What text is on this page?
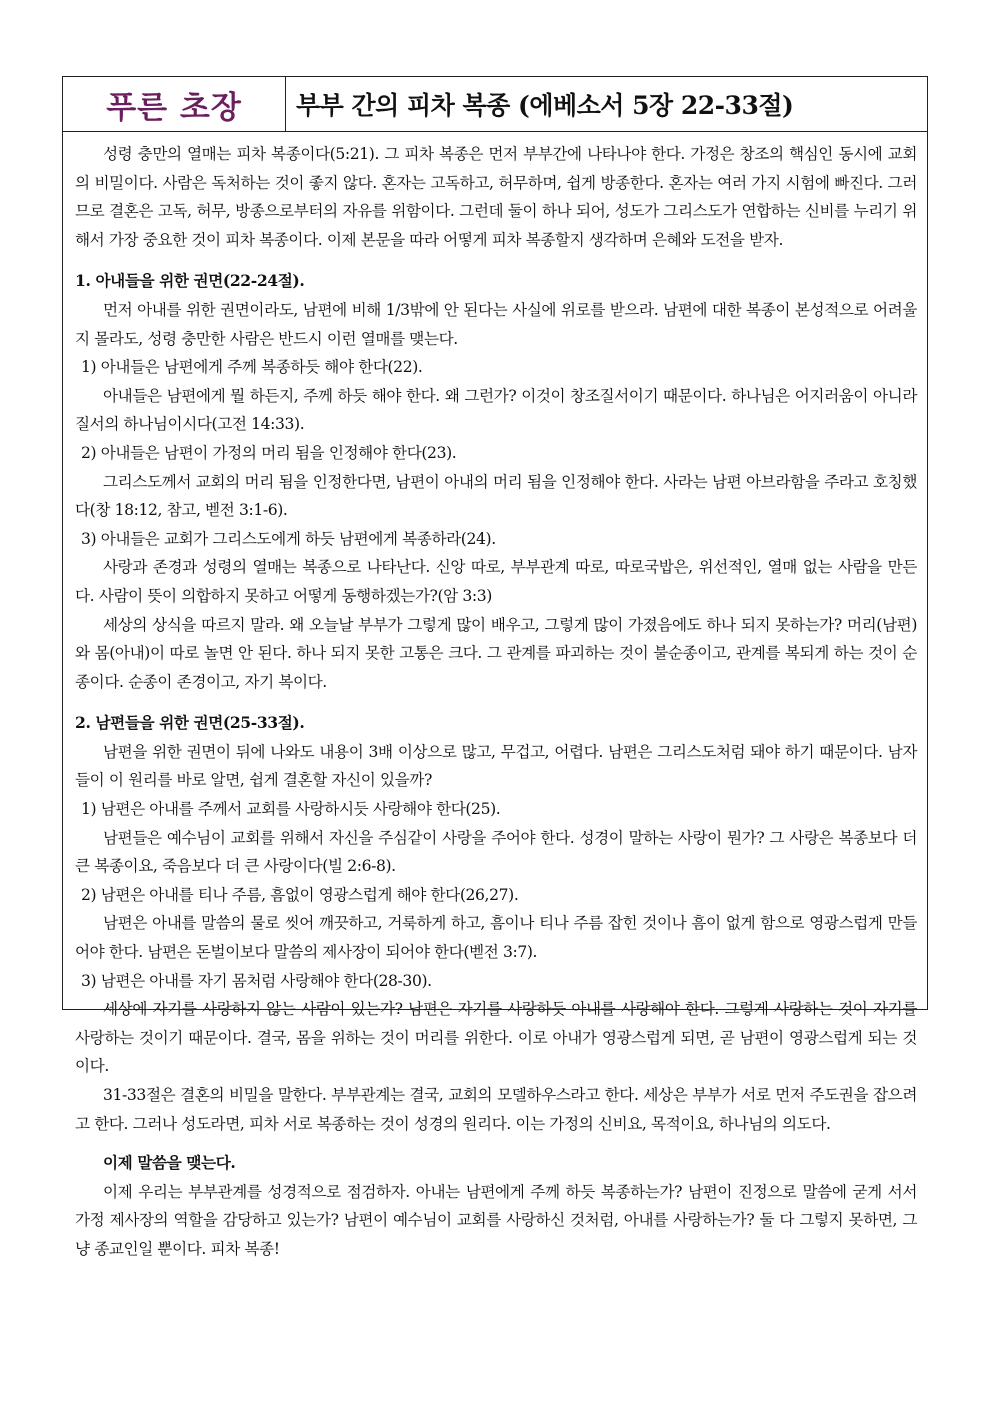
푸른 초장	부부 간의 피차 복종 (에베소서 5장 22-33절)

성령 충만의 열매는 피차 복종이다(5:21). 그 피차 복종은 먼저 부부간에 나타나야 한다. 가정은 창조의 핵심인 동시에 교회의 비밀이다. 사람은 독처하는 것이 좋지 않다. 혼자는 고독하고, 허무하며, 쉽게 방종한다. 혼자는 여러 가지 시험에 빠진다. 그러므로 결혼은 고독, 허무, 방종으로부터의 자유를 위함이다. 그런데 둘이 하나 되어, 성도가 그리스도가 연합하는 신비를 누리기 위해서 가장 중요한 것이 피차 복종이다. 이제 본문을 따라 어떻게 피차 복종할지 생각하며 은혜와 도전을 받자.

1. 아내들을 위한 권면(22-24절).

먼저 아내를 위한 권면이라도, 남편에 비해 1/3밖에 안 된다는 사실에 위로를 받으라. 남편에 대한 복종이 본성적으로 어려울지 몰라도, 성령 충만한 사람은 반드시 이런 열매를 맺는다.

1) 아내들은 남편에게 주께 복종하듯 해야 한다(22).

아내들은 남편에게 뭘 하든지, 주께 하듯 해야 한다. 왜 그런가? 이것이 창조질서이기 때문이다. 하나님은 어지러움이 아니라 질서의 하나님이시다(고전 14:33).

2) 아내들은 남편이 가정의 머리 됨을 인정해야 한다(23).

그리스도께서 교회의 머리 됨을 인정한다면, 남편이 아내의 머리 됨을 인정해야 한다. 사라는 남편 아브라함을 주라고 호칭했다(창 18:12, 참고, 벧전 3:1-6).

3) 아내들은 교회가 그리스도에게 하듯 남편에게 복종하라(24).

사랑과 존경과 성령의 열매는 복종으로 나타난다. 신앙 따로, 부부관계 따로, 따로국밥은, 위선적인, 열매 없는 사람을 만든다. 사람이 뜻이 의합하지 못하고 어떻게 동행하겠는가?(암 3:3)

세상의 상식을 따르지 말라. 왜 오늘날 부부가 그렇게 많이 배우고, 그렇게 많이 가졌음에도 하나 되지 못하는가? 머리(남편)와 몸(아내)이 따로 놀면 안 된다. 하나 되지 못한 고통은 크다. 그 관계를 파괴하는 것이 불순종이고, 관계를 복되게 하는 것이 순종이다. 순종이 존경이고, 자기 복이다.

2. 남편들을 위한 권면(25-33절).

남편을 위한 권면이 뒤에 나와도 내용이 3배 이상으로 많고, 무겁고, 어렵다. 남편은 그리스도처럼 돼야 하기 때문이다. 남자들이 이 원리를 바로 알면, 쉽게 결혼할 자신이 있을까?

1) 남편은 아내를 주께서 교회를 사랑하시듯 사랑해야 한다(25).

남편들은 예수님이 교회를 위해서 자신을 주심같이 사랑을 주어야 한다. 성경이 말하는 사랑이 뭔가? 그 사랑은 복종보다 더 큰 복종이요, 죽음보다 더 큰 사랑이다(빌 2:6-8).

2) 남편은 아내를 티나 주름, 흠없이 영광스럽게 해야 한다(26,27).

남편은 아내를 말씀의 물로 씻어 깨끗하고, 거룩하게 하고, 흠이나 티나 주름 잡힌 것이나 흠이 없게 함으로 영광스럽게 만들어야 한다. 남편은 돈벌이보다 말씀의 제사장이 되어야 한다(벧전 3:7).

3) 남편은 아내를 자기 몸처럼 사랑해야 한다(28-30).

세상에 자기를 사랑하지 않는 사람이 있는가? 남편은 자기를 사랑하듯 아내를 사랑해야 한다. 그렇게 사랑하는 것이 자기를 사랑하는 것이기 때문이다. 결국, 몸을 위하는 것이 머리를 위한다. 이로 아내가 영광스럽게 되면, 곧 남편이 영광스럽게 되는 것이다.

31-33절은 결혼의 비밀을 말한다. 부부관계는 결국, 교회의 모델하우스라고 한다. 세상은 부부가 서로 먼저 주도권을 잡으려고 한다. 그러나 성도라면, 피차 서로 복종하는 것이 성경의 원리다. 이는 가정의 신비요, 목적이요, 하나님의 의도다.

이제 말씀을 맺는다.

이제 우리는 부부관계를 성경적으로 점검하자. 아내는 남편에게 주께 하듯 복종하는가? 남편이 진정으로 말씀에 굳게 서서 가정 제사장의 역할을 감당하고 있는가? 남편이 예수님이 교회를 사랑하신 것처럼, 아내를 사랑하는가? 둘 다 그렇지 못하면, 그냥 종교인일 뿐이다. 피차 복종!
